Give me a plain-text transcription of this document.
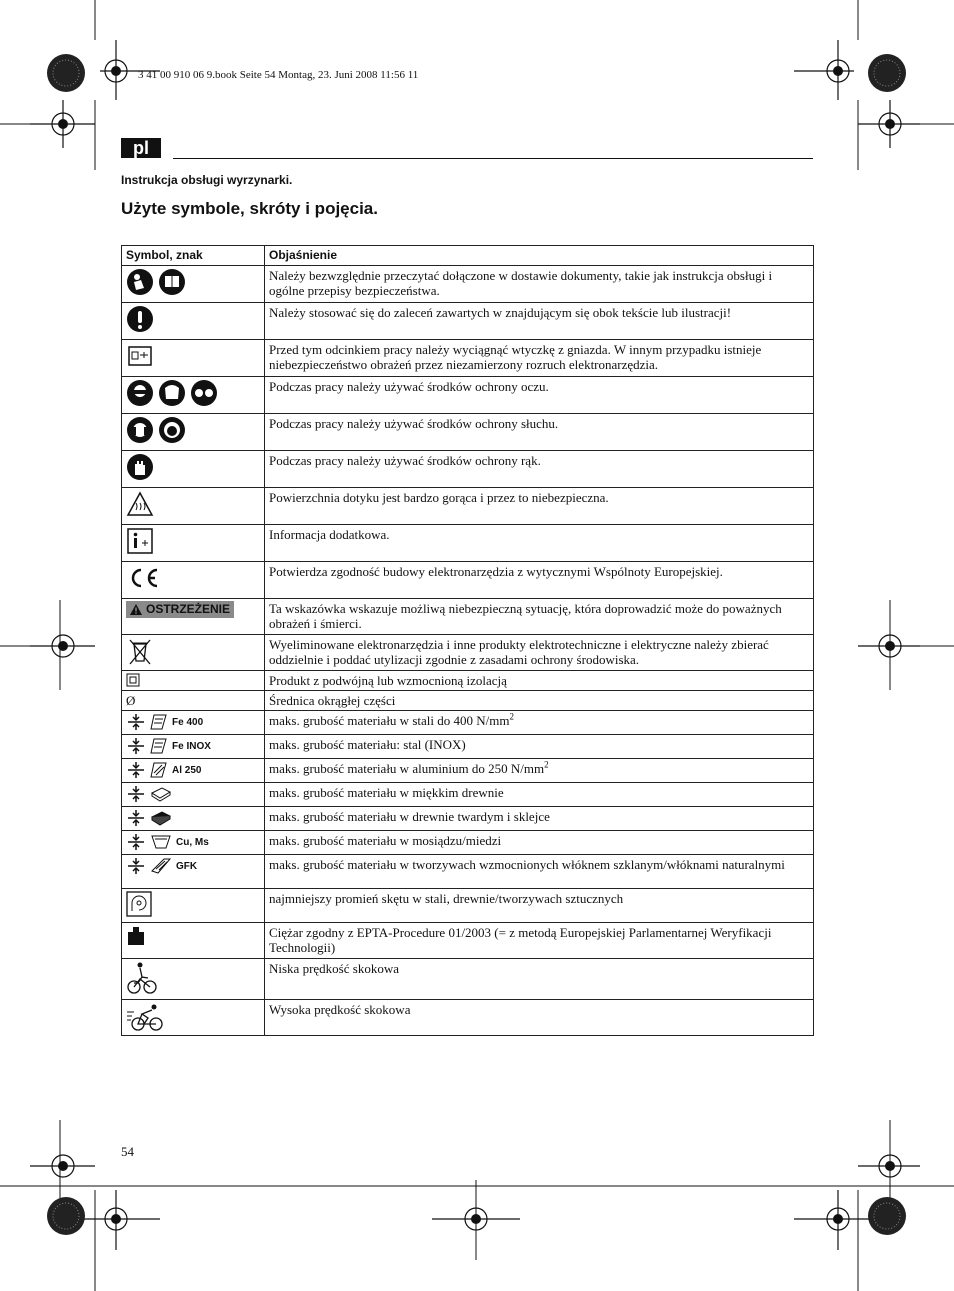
3 41 00 910 06 9.book Seite 54 Montag, 23. Juni 2008 11:56 11
pl
Instrukcja obsługi wyrzynarki.
Użyte symbole, skróty i pojęcia.
Symbol, znak	Objaśnienie

	Należy bezwzględnie przeczytać dołączone w dostawie dokumenty, takie jak instrukcja obsługi i ogólne przepisy bezpieczeństwa.

	Należy stosować się do zaleceń zawartych w znajdującym się obok tekście lub ilustracji!

	Przed tym odcinkiem pracy należy wyciągnąć wtyczkę z gniazda. W innym przypadku istnieje niebezpieczeństwo obrażeń przez niezamierzony rozruch elektronarzędzia.

	Podczas pracy należy używać środków ochrony oczu.

	Podczas pracy należy używać środków ochrony słuchu.

	Podczas pracy należy używać środków ochrony rąk.

	Powierzchnia dotyku jest bardzo gorąca i przez to niebezpieczna.

	Informacja dodatkowa.

	Potwierdza zgodność budowy elektronarzędzia z wytycznymi Wspólnoty Europejskiej.

OSTRZEŻENIE	Ta wskazówka wskazuje możliwą niebezpieczną sytuację, która doprowadzić może do poważnych obrażeń i śmierci.

	Wyeliminowane elektronarzędzia i inne produkty elektrotechniczne i elektryczne należy zbierać oddzielnie i poddać utylizacji zgodnie z zasadami ochrony środowiska.

	Produkt z podwójną lub wzmocnioną izolacją
Ø	Średnica okrągłej części

Fe 400	maks. grubość materiału w stali do 400 $N/mm^2$

Fe INOX	maks. grubość materiału: stal (INOX)

Al 250	maks. grubość materiału w aluminium do 250 $N/mm^2$

	maks. grubość materiału w miękkim drewnie

	maks. grubość materiału w drewnie twardym i sklejce

Cu, Ms	maks. grubość materiału w mosiądzu/miedzi

GFK	maks. grubość materiału w tworzywach wzmocnionych włóknem szklanym/włóknami naturalnymi

	najmniejszy promień skętu w stali, drewnie/tworzywach sztucznych

	Ciężar zgodny z EPTA-Procedure 01/2003 (= z metodą Europejskiej Parlamentarnej Weryfikacji Technologii)

	Niska prędkość skokowa

	Wysoka prędkość skokowa
54
